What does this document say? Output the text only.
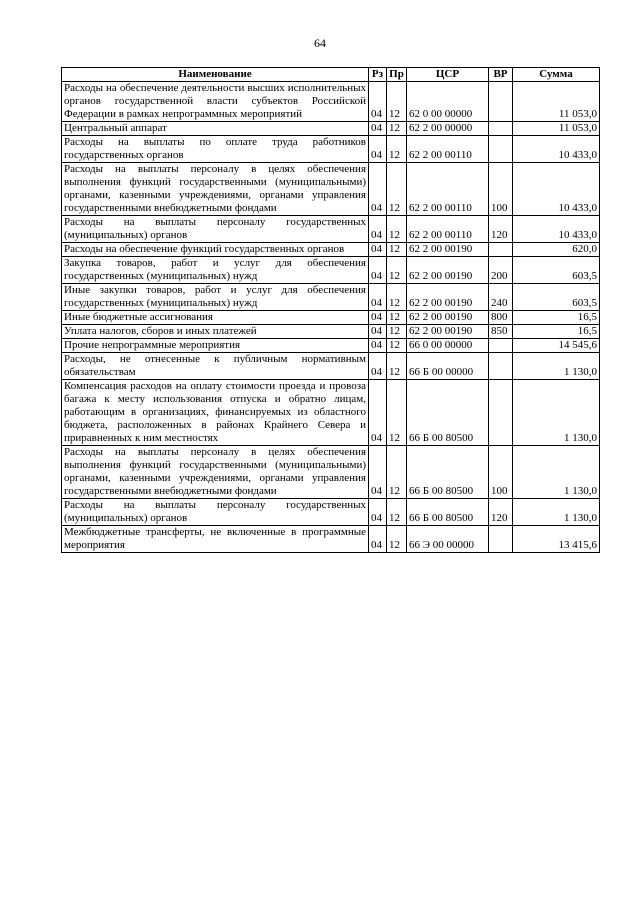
64
Наименование	Рз	Пр	ЦСР	ВР	Сумма
Расходы на обеспечение деятельности высших исполнительных органов государственной власти субъектов Российской Федерации в рамках непрограммных мероприятий	04	12	62 0 00 00000		11 053,0
Центральный аппарат	04	12	62 2 00 00000		11 053,0
Расходы на выплаты по оплате труда работников государственных органов	04	12	62 2 00 00110		10 433,0
Расходы на выплаты персоналу в целях обеспечения выполнения функций государственными (муниципальными) органами, казенными учреждениями, органами управления государственными внебюджетными фондами	04	12	62 2 00 00110	100	10 433,0
Расходы на выплаты персоналу государственных (муниципальных) органов	04	12	62 2 00 00110	120	10 433,0
Расходы на обеспечение функций государственных органов	04	12	62 2 00 00190		620,0
Закупка товаров, работ и услуг для обеспечения государственных (муниципальных) нужд	04	12	62 2 00 00190	200	603,5
Иные закупки товаров, работ и услуг для обеспечения государственных (муниципальных) нужд	04	12	62 2 00 00190	240	603,5
Иные бюджетные ассигнования	04	12	62 2 00 00190	800	16,5
Уплата налогов, сборов и иных платежей	04	12	62 2 00 00190	850	16,5
Прочие непрограммные мероприятия	04	12	66 0 00 00000		14 545,6
Расходы, не отнесенные к публичным нормативным обязательствам	04	12	66 Б 00 00000		1 130,0
Компенсация расходов на оплату стоимости проезда и провоза багажа к месту использования отпуска и обратно лицам, работающим в организациях, финансируемых из областного бюджета, расположенных в районах Крайнего Севера и приравненных к ним местностях	04	12	66 Б 00 80500		1 130,0
Расходы на выплаты персоналу в целях обеспечения выполнения функций государственными (муниципальными) органами, казенными учреждениями, органами управления государственными внебюджетными фондами	04	12	66 Б 00 80500	100	1 130,0
Расходы на выплаты персоналу государственных (муниципальных) органов	04	12	66 Б 00 80500	120	1 130,0
Межбюджетные трансферты, не включенные в программные мероприятия	04	12	66 Э 00 00000		13 415,6
